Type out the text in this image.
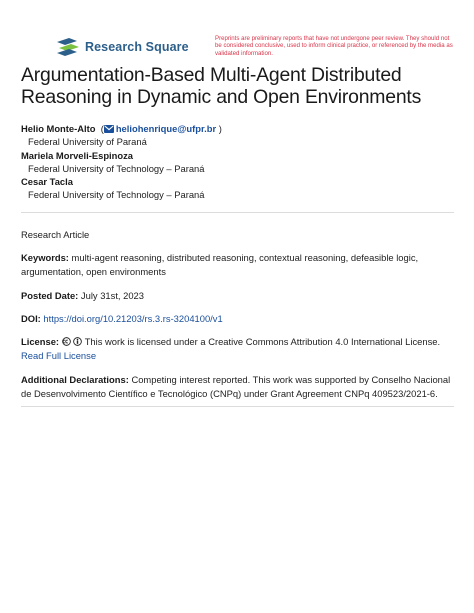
Research Square
Preprints are preliminary reports that have not undergone peer review. They should not be considered conclusive, used to inform clinical practice, or referenced by the media as validated information.
Argumentation-Based Multi-Agent Distributed Reasoning in Dynamic and Open Environments
Helio Monte-Alto  ( heliohenrique@ufpr.br )
Federal University of Paraná
Mariela Morveli-Espinoza
Federal University of Technology – Paraná
Cesar Tacla
Federal University of Technology – Paraná
Research Article
Keywords: multi-agent reasoning, distributed reasoning, contextual reasoning, defeasible logic, argumentation, open environments
Posted Date: July 31st, 2023
DOI: https://doi.org/10.21203/rs.3.rs-3204100/v1
License:	This work is licensed under a Creative Commons Attribution 4.0 International License.
Read Full License
Additional Declarations: Competing interest reported. This work was supported by Conselho Nacional de Desenvolvimento Científico e Tecnológico (CNPq) under Grant Agreement CNPq 409523/2021-6.
